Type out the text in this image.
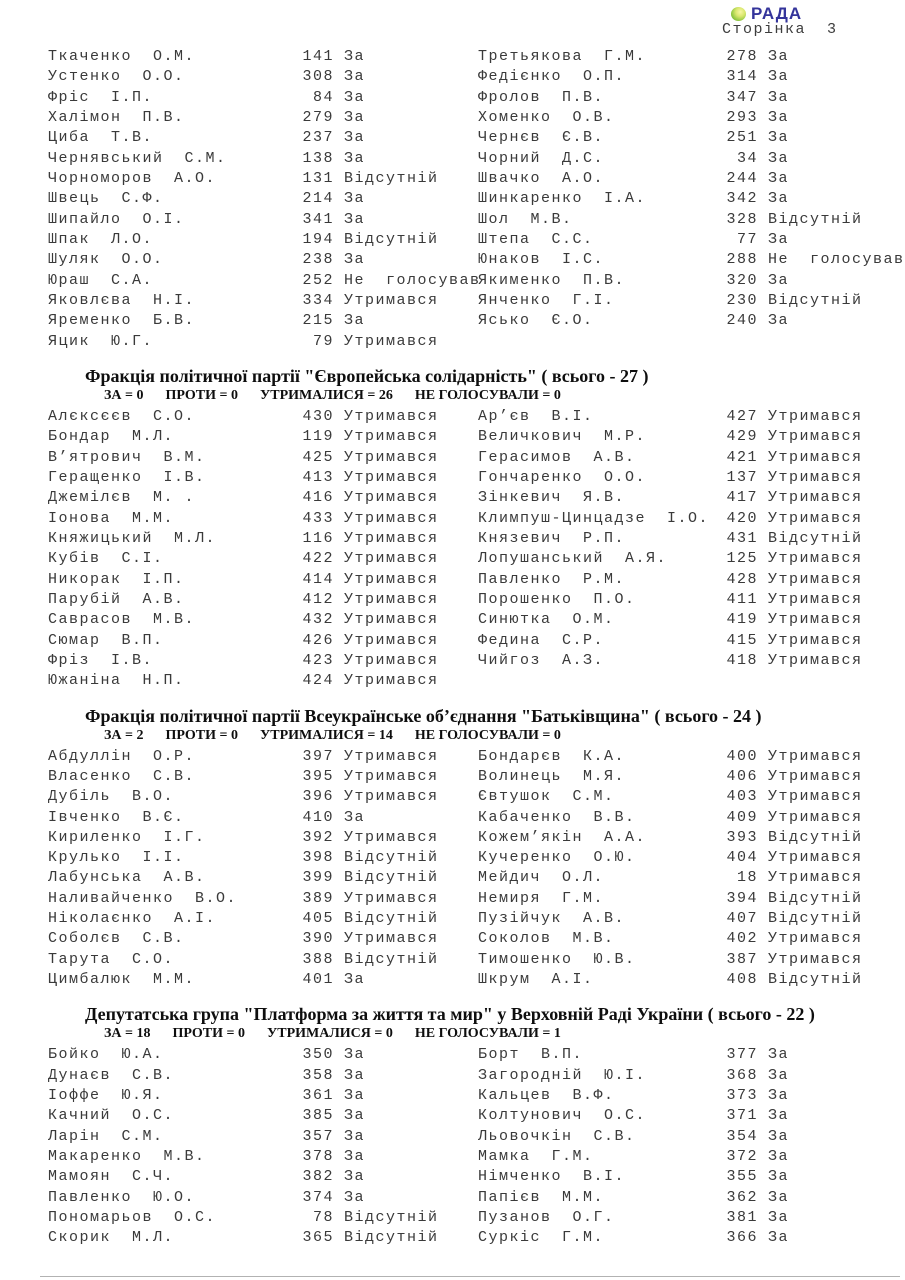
РАДА
Сторінка  3
Ткаченко  О.М.	141 За
Устенко  О.О.	308 За
Фріс  І.П.	84 За
Халімон  П.В.	279 За
Циба  Т.В.	237 За
Чернявський  С.М.	138 За
Чорноморов  А.О.	131 Відсутній
Швець  С.Ф.	214 За
Шипайло  О.І.	341 За
Шпак  Л.О.	194 Відсутній
Шуляк  О.О.	238 За
Юраш  С.А.	252 Не  голосував
Яковлєва  Н.І.	334 Утримався
Яременко  Б.В.	215 За
Яцик  Ю.Г.	79 Утримався
Третьякова  Г.М.	278 За
Федієнко  О.П.	314 За
Фролов  П.В.	347 За
Хоменко  О.В.	293 За
Чернєв  Є.В.	251 За
Чорний  Д.С.	34 За
Швачко  А.О.	244 За
Шинкаренко  І.А.	342 За
Шол  М.В.	328 Відсутній
Штепа  С.С.	77 За
Юнаков  І.С.	288 Не  голосував
Якименко  П.В.	320 За
Янченко  Г.І.	230 Відсутній
Ясько  Є.О.	240 За
Фракція політичної партії "Європейська солідарність" ( всього - 27 )
ЗА = 0 ПРОТИ = 0 УТРИМАЛИСЯ = 26 НЕ ГОЛОСУВАЛИ = 0
Алєксєєв  С.О.	430 Утримався
Бондар  М.Л.	119 Утримався
В’ятрович  В.М.	425 Утримався
Геращенко  І.В.	413 Утримався
Джемілєв  М. .	416 Утримався
Іонова  М.М.	433 Утримався
Княжицький  М.Л.	116 Утримався
Кубів  С.І.	422 Утримався
Никорак  І.П.	414 Утримався
Парубій  А.В.	412 Утримався
Саврасов  М.В.	432 Утримався
Сюмар  В.П.	426 Утримався
Фріз  І.В.	423 Утримався
Южаніна  Н.П.	424 Утримався
Ар’єв  В.І.	427 Утримався
Величкович  М.Р.	429 Утримався
Герасимов  А.В.	421 Утримався
Гончаренко  О.О.	137 Утримався
Зінкевич  Я.В.	417 Утримався
Климпуш-Цинцадзе  І.О.	420 Утримався
Князевич  Р.П.	431 Відсутній
Лопушанський  А.Я.	125 Утримався
Павленко  Р.М.	428 Утримався
Порошенко  П.О.	411 Утримався
Синютка  О.М.	419 Утримався
Федина  С.Р.	415 Утримався
Чийгоз  А.З.	418 Утримався
Фракція політичної партії Всеукраїнське об’єднання "Батьківщина" ( всього - 24 )
ЗА = 2 ПРОТИ = 0 УТРИМАЛИСЯ = 14 НЕ ГОЛОСУВАЛИ = 0
Абдуллін  О.Р.	397 Утримався
Власенко  С.В.	395 Утримався
Дубіль  В.О.	396 Утримався
Івченко  В.Є.	410 За
Кириленко  І.Г.	392 Утримався
Крулько  І.І.	398 Відсутній
Лабунська  А.В.	399 Відсутній
Наливайченко  В.О.	389 Утримався
Ніколаєнко  А.І.	405 Відсутній
Соболєв  С.В.	390 Утримався
Тарута  С.О.	388 Відсутній
Цимбалюк  М.М.	401 За
Бондарєв  К.А.	400 Утримався
Волинець  М.Я.	406 Утримався
Євтушок  С.М.	403 Утримався
Кабаченко  В.В.	409 Утримався
Кожем’якін  А.А.	393 Відсутній
Кучеренко  О.Ю.	404 Утримався
Мейдич  О.Л.	18 Утримався
Немиря  Г.М.	394 Відсутній
Пузійчук  А.В.	407 Відсутній
Соколов  М.В.	402 Утримався
Тимошенко  Ю.В.	387 Утримався
Шкрум  А.І.	408 Відсутній
Депутатська група "Платформа за життя та мир" у Верховній Раді України ( всього - 22 )
ЗА = 18 ПРОТИ = 0 УТРИМАЛИСЯ = 0 НЕ ГОЛОСУВАЛИ = 1
Бойко  Ю.А.	350 За
Дунаєв  С.В.	358 За
Іоффе  Ю.Я.	361 За
Качний  О.С.	385 За
Ларін  С.М.	357 За
Макаренко  М.В.	378 За
Мамоян  С.Ч.	382 За
Павленко  Ю.О.	374 За
Пономарьов  О.С.	78 Відсутній
Скорик  М.Л.	365 Відсутній
Борт  В.П.	377 За
Загородній  Ю.І.	368 За
Кальцев  В.Ф.	373 За
Колтунович  О.С.	371 За
Льовочкін  С.В.	354 За
Мамка  Г.М.	372 За
Німченко  В.І.	355 За
Папієв  М.М.	362 За
Пузанов  О.Г.	381 За
Суркіс  Г.М.	366 За
